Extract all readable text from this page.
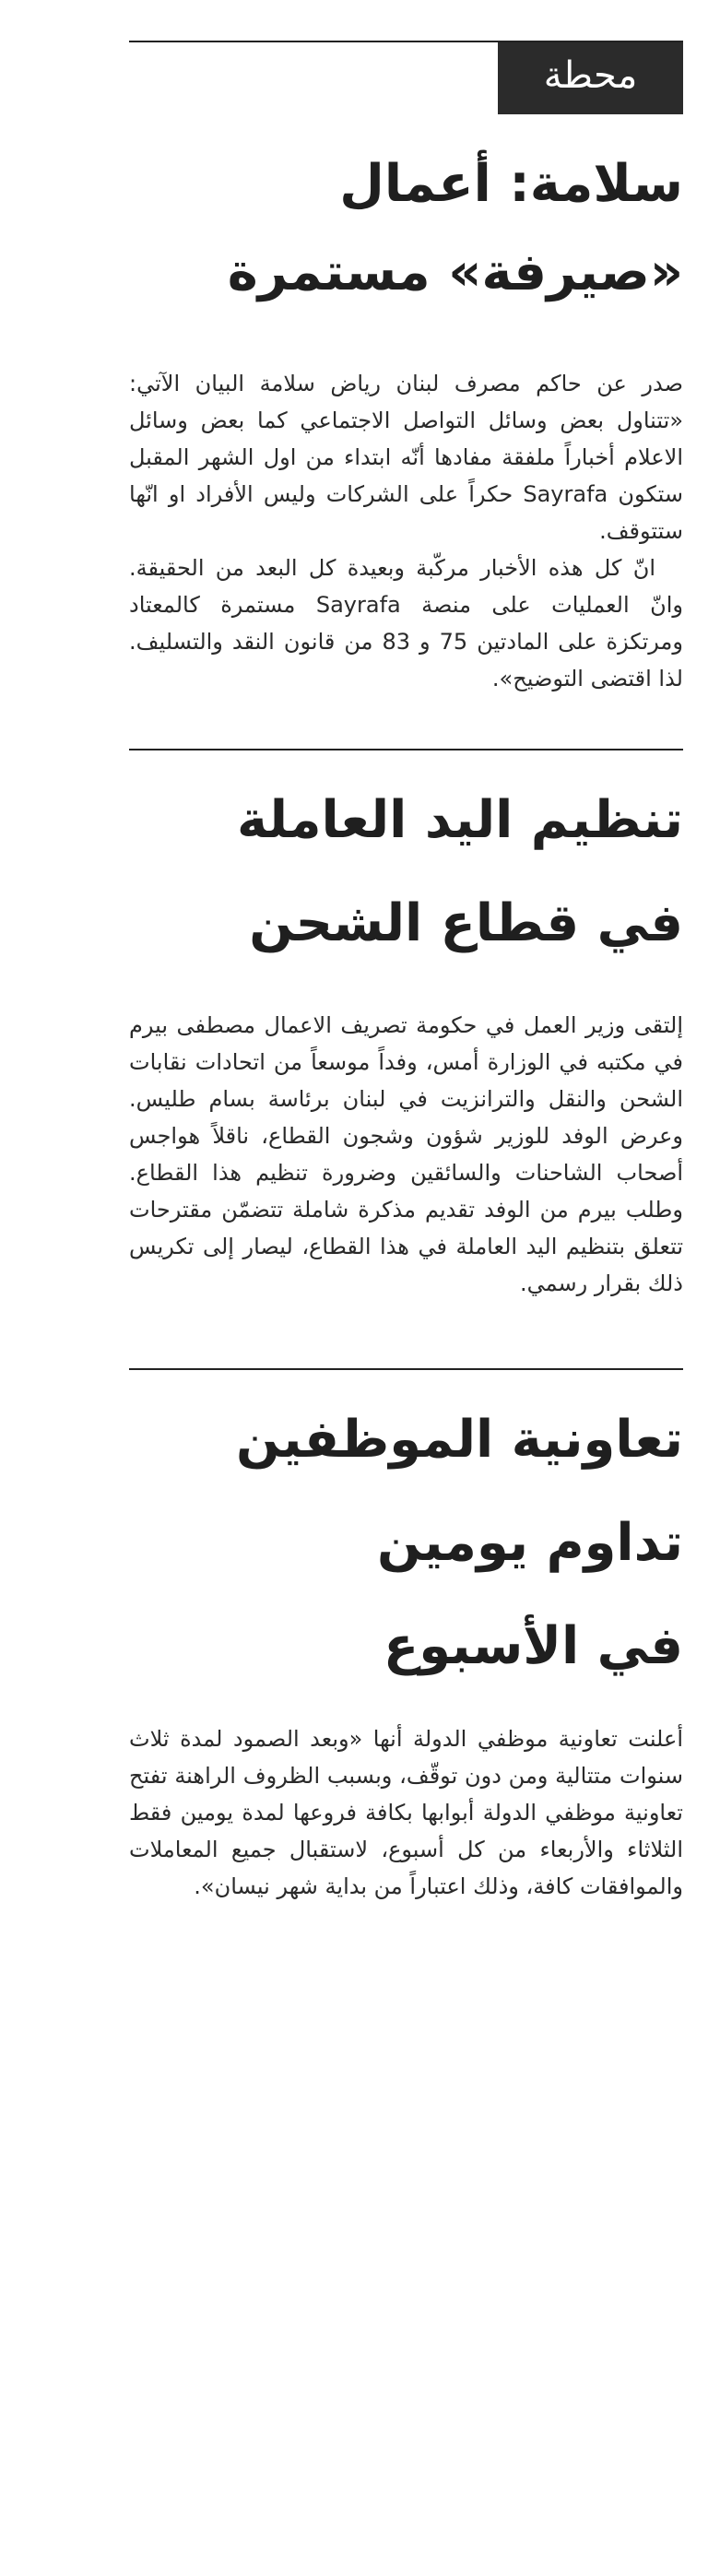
محطة
سلامة: أعمال
«صيرفة» مستمرة

صدر عن حاكم مصرف لبنان رياض سلامة البيان الآتي: «تتناول بعض وسائل التواصل الاجتماعي كما بعض وسائل الاعلام أخباراً ملفقة مفادها أنّه ابتداء من اول الشهر المقبل ستكون Sayrafa حكراً على الشركات وليس الأفراد او انّها ستتوقف.

انّ كل هذه الأخبار مركّبة وبعيدة كل البعد من الحقيقة. وانّ العمليات على منصة Sayrafa مستمرة كالمعتاد ومرتكزة على المادتين 75 و 83 من قانون النقد والتسليف. لذا اقتضى التوضيح».

تنظيم اليد العاملة
في قطاع الشحن

إلتقى وزير العمل في حكومة تصريف الاعمال مصطفى بيرم في مكتبه في الوزارة أمس، وفداً موسعاً من اتحادات نقابات الشحن والنقل والترانزيت في لبنان برئاسة بسام طليس. وعرض الوفد للوزير شؤون وشجون القطاع، ناقلاً هواجس أصحاب الشاحنات والسائقين وضرورة تنظيم هذا القطاع. وطلب بيرم من الوفد تقديم مذكرة شاملة تتضمّن مقترحات تتعلق بتنظيم اليد العاملة في هذا القطاع، ليصار إلى تكريس ذلك بقرار رسمي.

تعاونية الموظفين
تداوم يومين
في الأسبوع

أعلنت تعاونية موظفي الدولة أنها «وبعد الصمود لمدة ثلاث سنوات متتالية ومن دون توقّف، وبسبب الظروف الراهنة تفتح تعاونية موظفي الدولة أبوابها بكافة فروعها لمدة يومين فقط الثلاثاء والأربعاء من كل أسبوع، لاستقبال جميع المعاملات والموافقات كافة، وذلك اعتباراً من بداية شهر نيسان».
